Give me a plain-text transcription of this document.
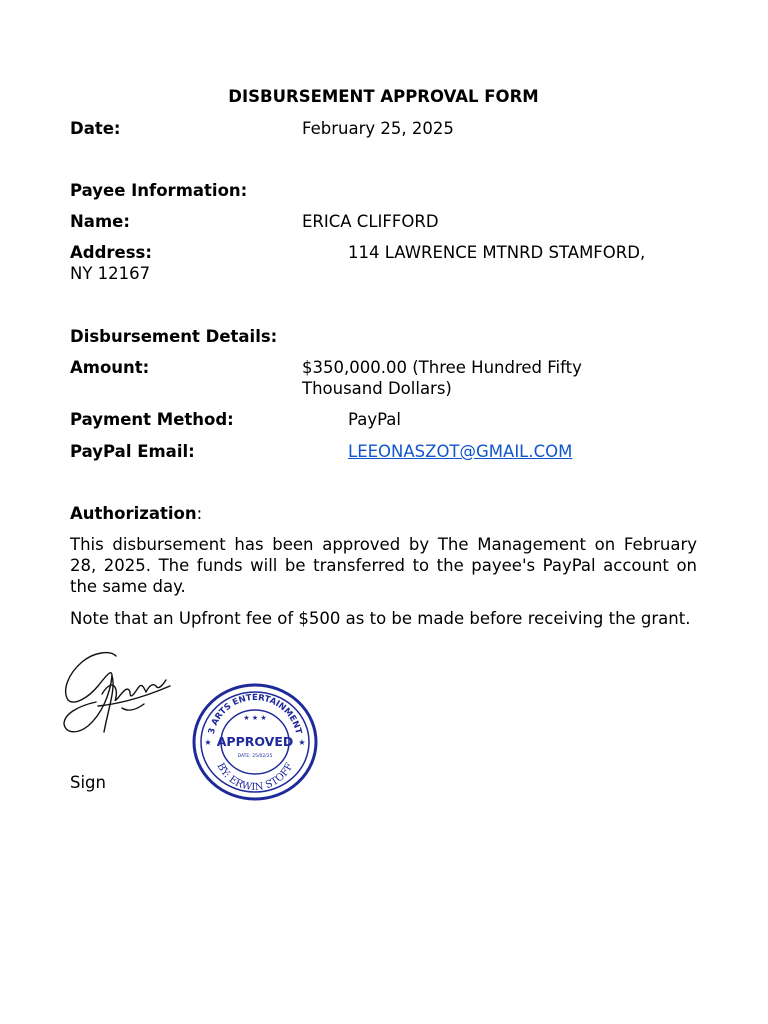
DISBURSEMENT APPROVAL FORM
Date:	February 25, 2025
Payee Information:
Name:	ERICA CLIFFORD
Address:	114 LAWRENCE MTNRD STAMFORD,
NY 12167
Disbursement Details:
Amount:	$350,000.00 (Three Hundred Fifty
Thousand Dollars)
Payment Method:	PayPal
PayPal Email:	LEEONASZOT@GMAIL.COM
Authorization:
This disbursement has been approved by The Management on February 28, 2025. The funds will be transferred to the payee's PayPal account on the same day.
Note that an Upfront fee of $500 as to be made before receiving the grant.
Sign
3 ARTS ENTERTAINMENT
BY: ERWIN STOFF
APPROVED
DATE: 25/02/25
★ ★ ★
★	★
